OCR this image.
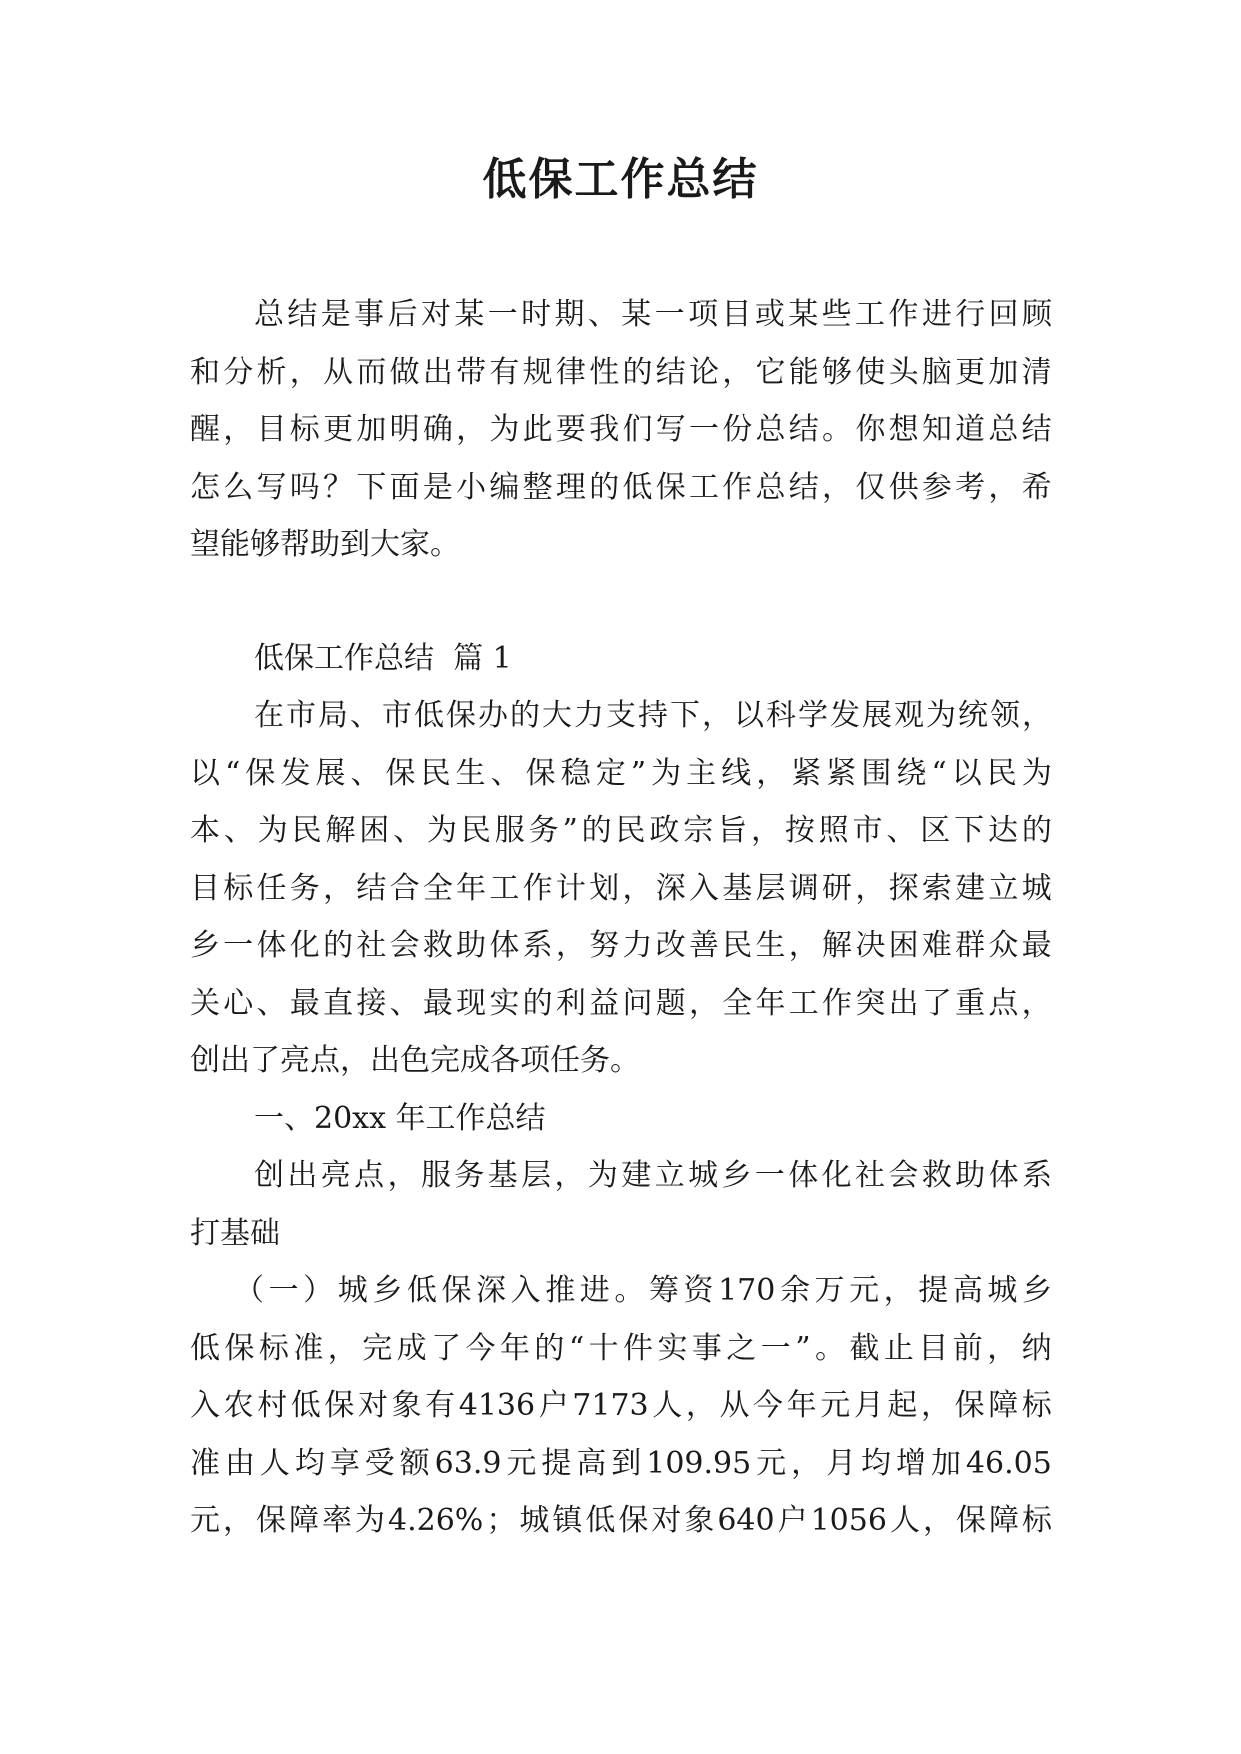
低保工作总结
总 结 是 事 后 对 某 一 时 期 、 某 一 项 目 或 某 些 工 作 进 行 回 顾
和 分 析 ， 从 而 做 出 带 有 规 律 性 的 结 论 ， 它 能 够 使 头 脑 更 加 清
醒 ， 目 标 更 加 明 确 ， 为 此 要 我 们 写 一 份 总 结 。 你 想 知 道 总 结
怎 么 写 吗 ？ 下 面 是 小 编 整 理 的 低 保 工 作 总 结 ， 仅 供 参 考 ， 希
望能够帮助到大家。
低保工作总结  篇 1
在 市 局 、 市 低 保 办 的 大 力 支 持 下 ， 以 科 学 发 展 观 为 统 领 ，
以 “ 保 发 展 、 保 民 生 、 保 稳 定 ” 为 主 线 ， 紧 紧 围 绕 “ 以 民 为
本 、 为 民 解 困 、 为 民 服 务 ” 的 民 政 宗 旨 ， 按 照 市 、 区 下 达 的
目 标 任 务 ， 结 合 全 年 工 作 计 划 ， 深 入 基 层 调 研 ， 探 索 建 立 城
乡 一 体 化 的 社 会 救 助 体 系 ， 努 力 改 善 民 生 ， 解 决 困 难 群 众 最
关 心 、 最 直 接 、 最 现 实 的 利 益 问 题 ， 全 年 工 作 突 出 了 重 点 ，
创出了亮点，出色完成各项任务。
一、20xx 年工作总结
创 出 亮 点 ， 服 务 基 层 ， 为 建 立 城 乡 一 体 化 社 会 救 助 体 系
打基础
（ 一 ） 城 乡 低 保 深 入 推 进 。 筹 资 170 余 万 元 ， 提 高 城 乡
低 保 标 准 ， 完 成 了 今 年 的 “ 十 件 实 事 之 一 ” 。 截 止 目 前 ， 纳
入 农 村 低 保 对 象 有 4136 户 7173 人 ， 从 今 年 元 月 起 ， 保 障 标
准 由 人 均 享 受 额 63.9 元 提 高 到 109.95 元 ， 月 均 增 加 46.05
元 ， 保 障 率 为 4.26% ； 城 镇 低 保 对 象 640 户 1056 人 ， 保 障 标
